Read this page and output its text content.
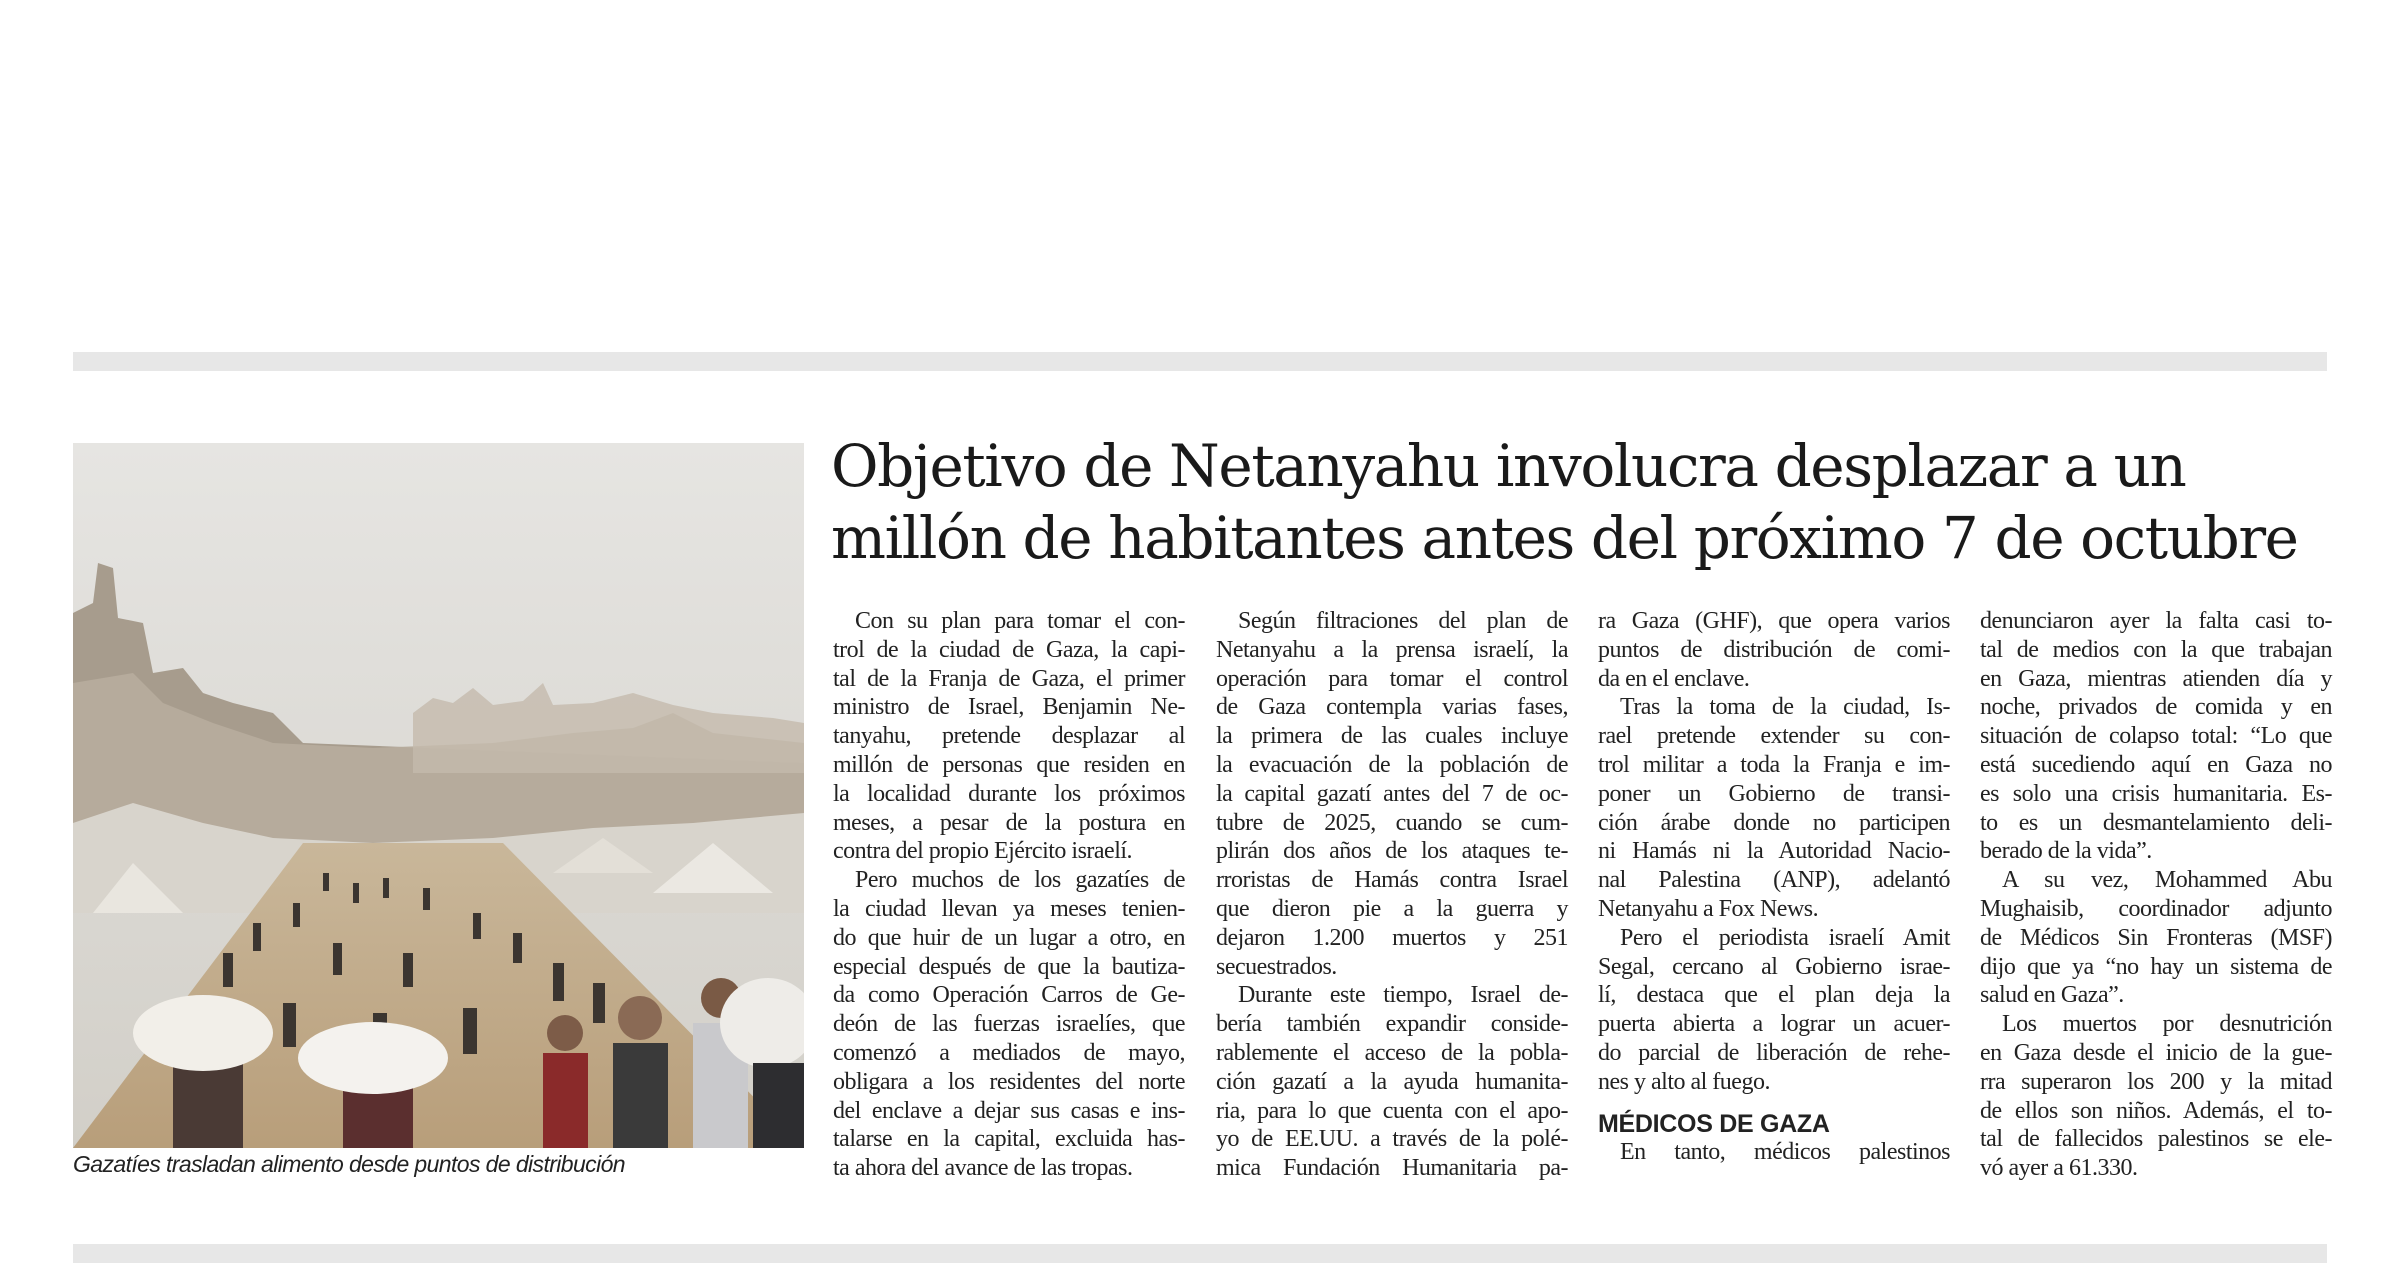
Gazatíes trasladan alimento desde puntos de distribución
Objetivo de Netanyahu involucra desplazar a un
millón de habitantes antes del próximo 7 de octubre
Con su plan para tomar el con-
trol de la ciudad de Gaza, la capi-
tal de la Franja de Gaza, el primer
ministro de Israel, Benjamin Ne-
tanyahu, pretende desplazar al
millón de personas que residen en
la localidad durante los próximos
meses, a pesar de la postura en
contra del propio Ejército israelí.
Pero muchos de los gazatíes de
la ciudad llevan ya meses tenien-
do que huir de un lugar a otro, en
especial después de que la bautiza-
da como Operación Carros de Ge-
deón de las fuerzas israelíes, que
comenzó a mediados de mayo,
obligara a los residentes del norte
del enclave a dejar sus casas e ins-
talarse en la capital, excluida has-
ta ahora del avance de las tropas.
Según filtraciones del plan de
Netanyahu a la prensa israelí, la
operación para tomar el control
de Gaza contempla varias fases,
la primera de las cuales incluye
la evacuación de la población de
la capital gazatí antes del 7 de oc-
tubre de 2025, cuando se cum-
plirán dos años de los ataques te-
rroristas de Hamás contra Israel
que dieron pie a la guerra y
dejaron 1.200 muertos y 251
secuestrados.
Durante este tiempo, Israel de-
bería también expandir conside-
rablemente el acceso de la pobla-
ción gazatí a la ayuda humanita-
ria, para lo que cuenta con el apo-
yo de EE.UU. a través de la polé-
mica Fundación Humanitaria pa-
ra Gaza (GHF), que opera varios
puntos de distribución de comi-
da en el enclave.
Tras la toma de la ciudad, Is-
rael pretende extender su con-
trol militar a toda la Franja e im-
poner un Gobierno de transi-
ción árabe donde no participen
ni Hamás ni la Autoridad Nacio-
nal Palestina (ANP), adelantó
Netanyahu a Fox News.
Pero el periodista israelí Amit
Segal, cercano al Gobierno israe-
lí, destaca que el plan deja la
puerta abierta a lograr un acuer-
do parcial de liberación de rehe-
nes y alto al fuego.
MÉDICOS DE GAZA
En tanto, médicos palestinos
denunciaron ayer la falta casi to-
tal de medios con la que trabajan
en Gaza, mientras atienden día y
noche, privados de comida y en
situación de colapso total: “Lo que
está sucediendo aquí en Gaza no
es solo una crisis humanitaria. Es-
to es un desmantelamiento deli-
berado de la vida”.
A su vez, Mohammed Abu
Mughaisib, coordinador adjunto
de Médicos Sin Fronteras (MSF)
dijo que ya “no hay un sistema de
salud en Gaza”.
Los muertos por desnutrición
en Gaza desde el inicio de la gue-
rra superaron los 200 y la mitad
de ellos son niños. Además, el to-
tal de fallecidos palestinos se ele-
vó ayer a 61.330.
